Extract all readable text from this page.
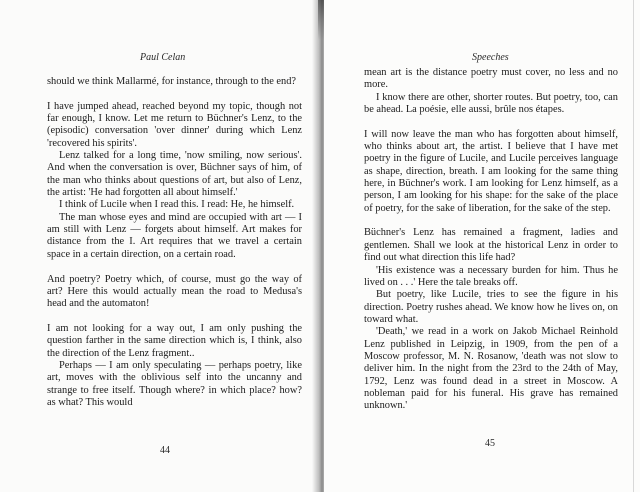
Paul Celan

should we think Mallarmé, for instance, through to the end?

I have jumped ahead, reached beyond my topic, though not far enough, I know. Let me return to Büchner's Lenz, to the (episodic) conversation 'over dinner' during which Lenz 'recovered his spirits'.

Lenz talked for a long time, 'now smiling, now serious'. And when the conversation is over, Büchner says of him, of the man who thinks about questions of art, but also of Lenz, the artist: 'He had forgotten all about himself.'

I think of Lucile when I read this. I read: He, he himself.

The man whose eyes and mind are occupied with art — I am still with Lenz — forgets about himself. Art makes for distance from the I. Art requires that we travel a certain space in a certain direction, on a certain road.

And poetry? Poetry which, of course, must go the way of art? Here this would actually mean the road to Medusa's head and the automaton!

I am not looking for a way out, I am only pushing the question farther in the same direction which is, I think, also the direction of the Lenz fragment..

Perhaps — I am only speculating — perhaps poetry, like art, moves with the oblivious self into the uncanny and strange to free itself. Though where? in which place? how? as what? This would

44
Speeches

mean art is the distance poetry must cover, no less and no more.

I know there are other, shorter routes. But poetry, too, can be ahead. La poésie, elle aussi, brûle nos étapes.

I will now leave the man who has forgotten about himself, who thinks about art, the artist. I believe that I have met poetry in the figure of Lucile, and Lucile perceives language as shape, direction, breath. I am looking for the same thing here, in Büchner's work. I am looking for Lenz himself, as a person, I am looking for his shape: for the sake of the place of poetry, for the sake of liberation, for the sake of the step.

Büchner's Lenz has remained a fragment, ladies and gentlemen. Shall we look at the historical Lenz in order to find out what direction this life had?

'His existence was a necessary burden for him. Thus he lived on . . .' Here the tale breaks off.

But poetry, like Lucile, tries to see the figure in his direction. Poetry rushes ahead. We know how he lives on, on toward what.

'Death,' we read in a work on Jakob Michael Reinhold Lenz published in Leipzig, in 1909, from the pen of a Moscow professor, M. N. Rosanow, 'death was not slow to deliver him. In the night from the 23rd to the 24th of May, 1792, Lenz was found dead in a street in Moscow. A nobleman paid for his funeral. His grave has remained unknown.'

45
